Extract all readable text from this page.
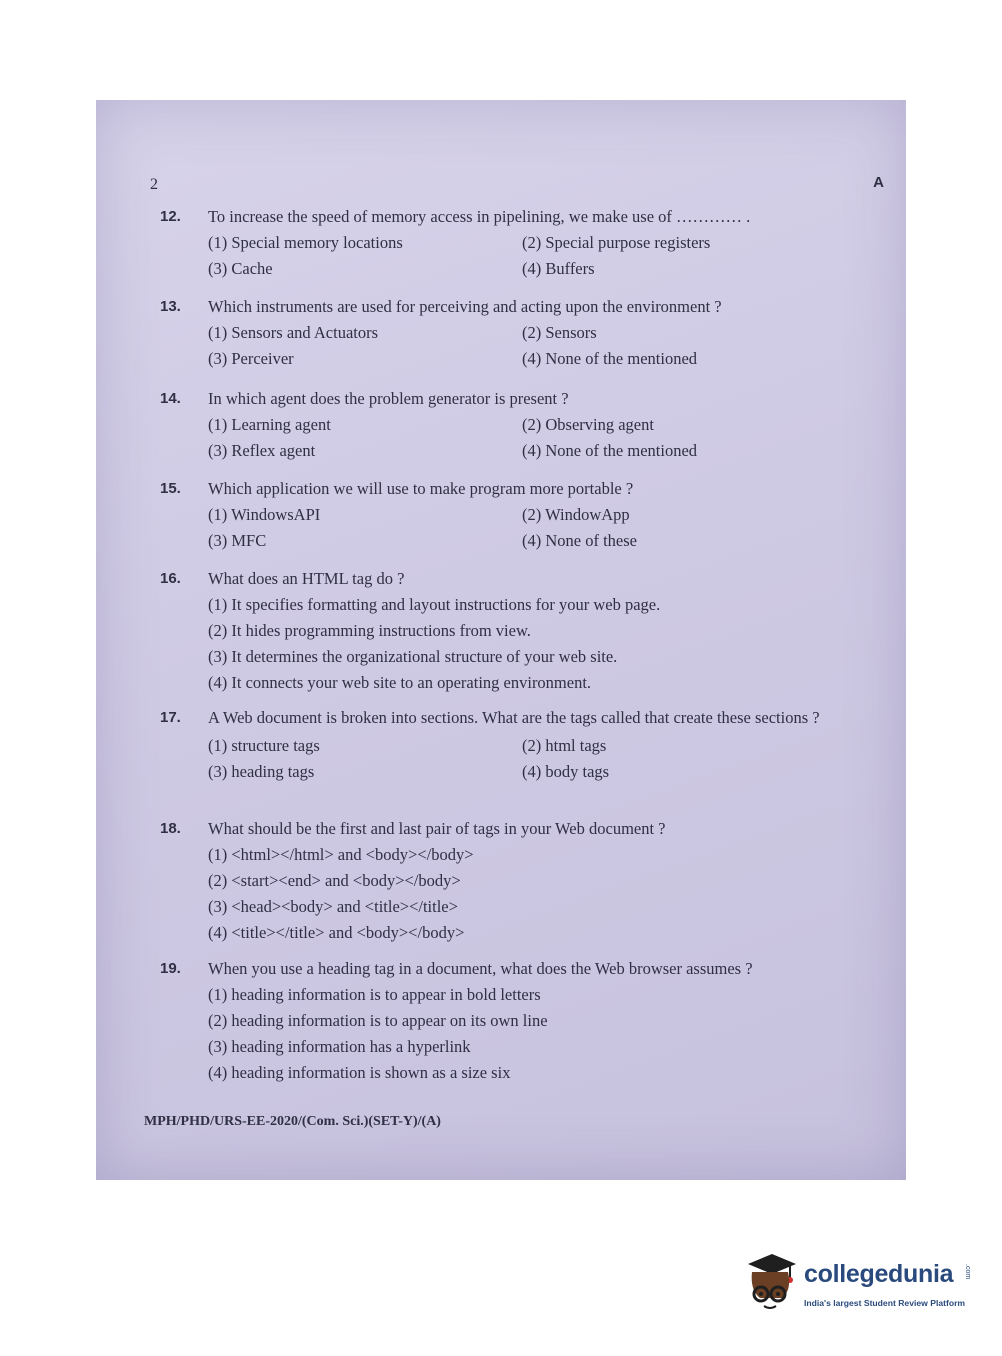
2	A
12. To increase the speed of memory access in pipelining, we make use of ………… .
(1) Special memory locations	(2) Special purpose registers
(3) Cache	(4) Buffers
13. Which instruments are used for perceiving and acting upon the environment ?
(1) Sensors and Actuators	(2) Sensors
(3) Perceiver	(4) None of the mentioned
14. In which agent does the problem generator is present ?
(1) Learning agent	(2) Observing agent
(3) Reflex agent	(4) None of the mentioned
15. Which application we will use to make program more portable ?
(1) WindowsAPI	(2) WindowApp
(3) MFC	(4) None of these
16. What does an HTML tag do ?
(1) It specifies formatting and layout instructions for your web page.
(2) It hides programming instructions from view.
(3) It determines the organizational structure of your web site.
(4) It connects your web site to an operating environment.
17. A Web document is broken into sections. What are the tags called that create these sections ?
(1) structure tags	(2) html tags
(3) heading tags	(4) body tags
18. What should be the first and last pair of tags in your Web document ?
(1) <html></html> and <body></body>
(2) <start><end> and <body></body>
(3) <head><body> and <title></title>
(4) <title></title> and <body></body>
19. When you use a heading tag in a document, what does the Web browser assumes ?
(1) heading information is to appear in bold letters
(2) heading information is to appear on its own line
(3) heading information has a hyperlink
(4) heading information is shown as a size six
MPH/PHD/URS-EE-2020/(Com. Sci.)(SET-Y)/(A)
collegedunia .com
India's largest Student Review Platform
